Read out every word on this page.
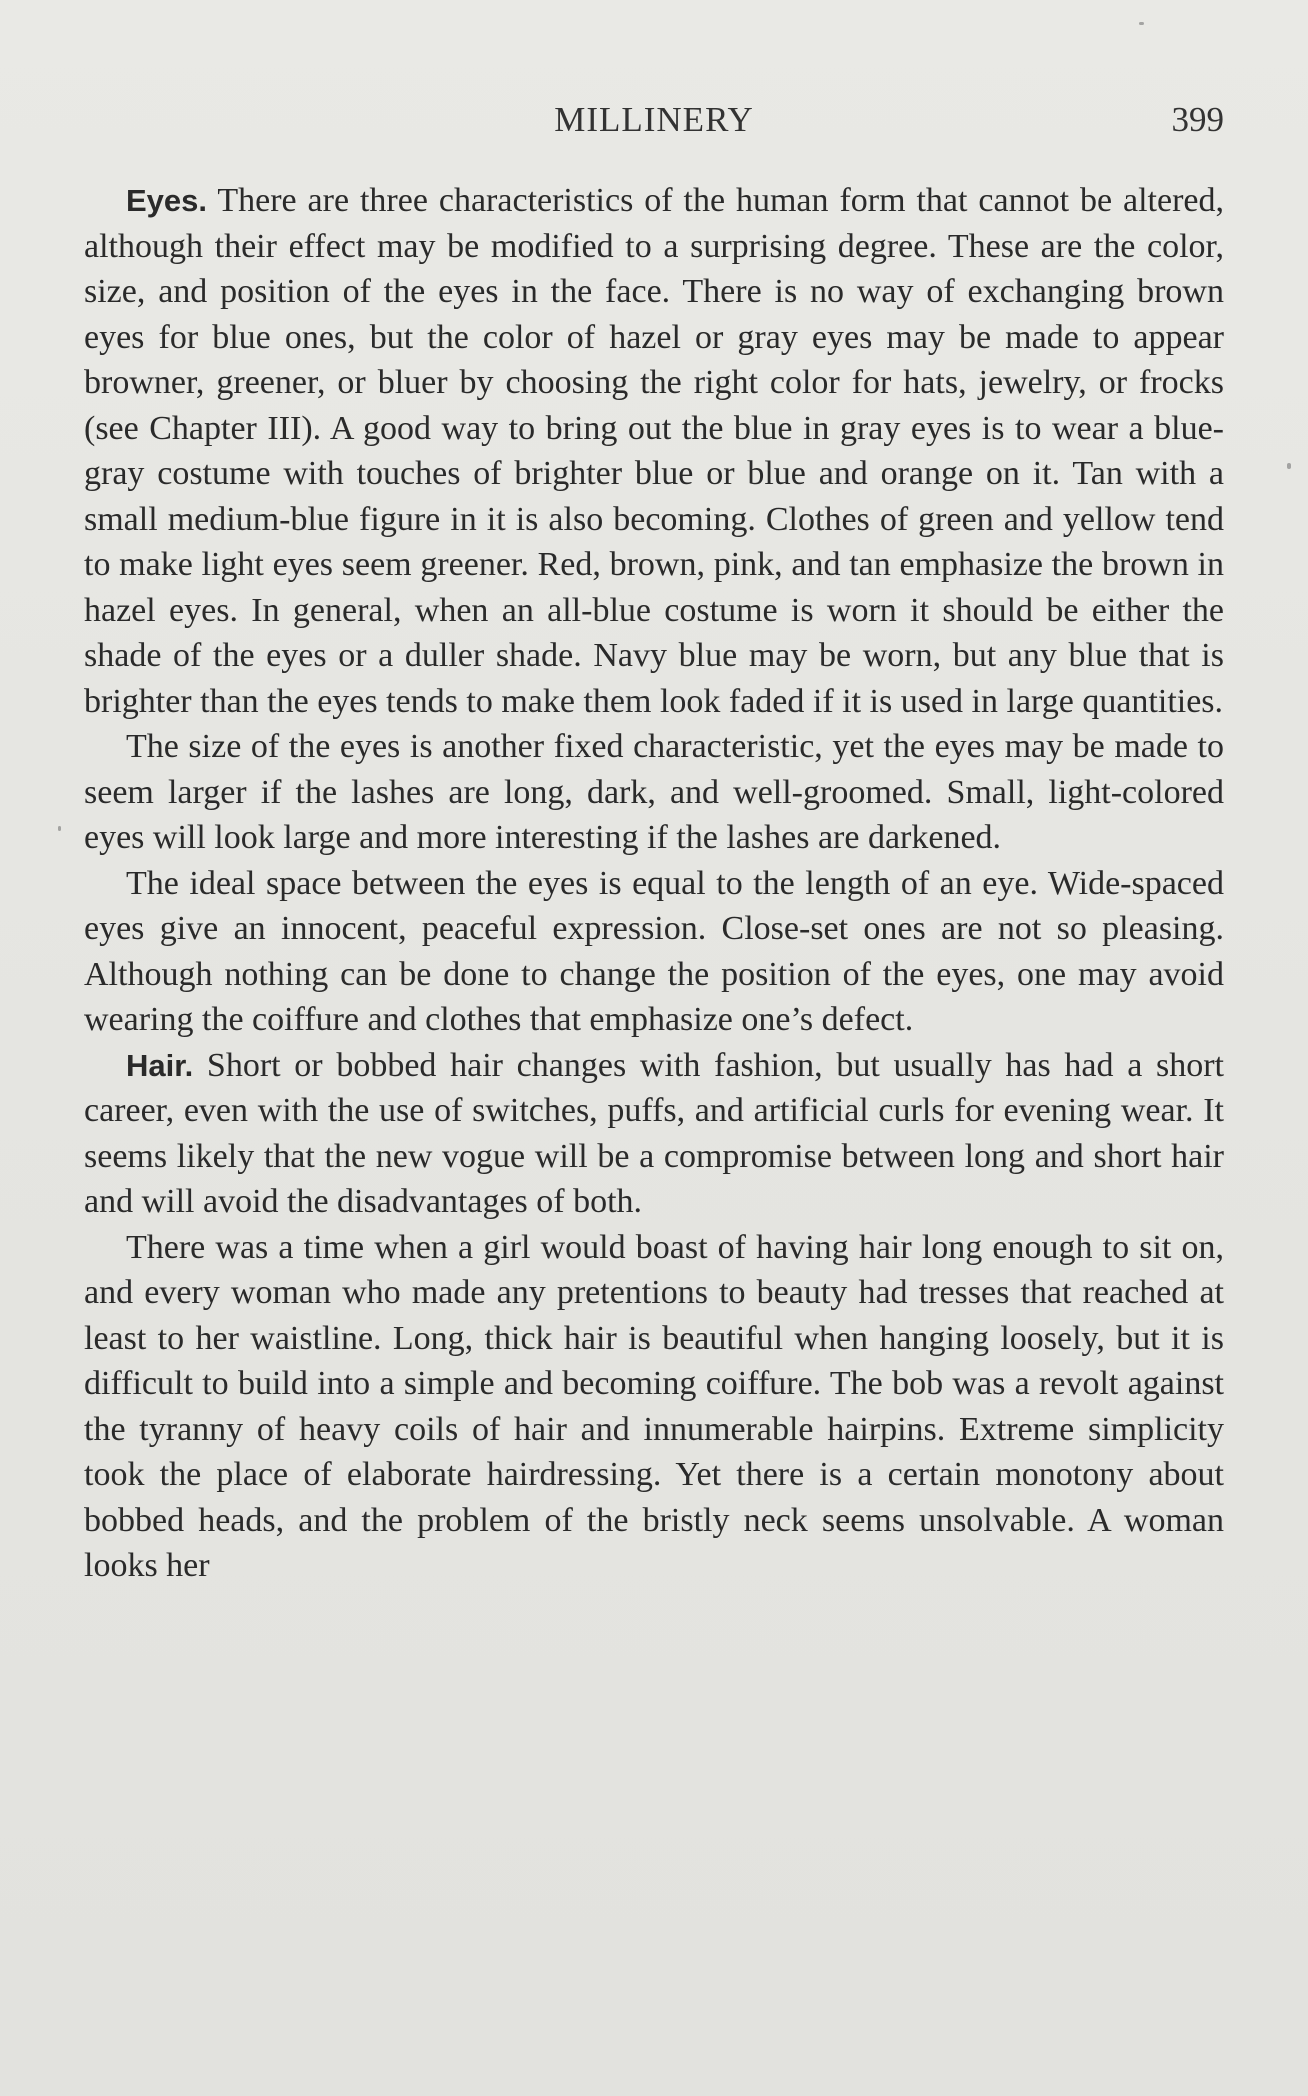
MILLINERY	399

Eyes. There are three characteristics of the human form that cannot be altered, although their effect may be modified to a surprising degree. These are the color, size, and position of the eyes in the face. There is no way of exchanging brown eyes for blue ones, but the color of hazel or gray eyes may be made to appear browner, greener, or bluer by choosing the right color for hats, jewelry, or frocks (see Chapter III). A good way to bring out the blue in gray eyes is to wear a blue-gray costume with touches of brighter blue or blue and orange on it. Tan with a small medium-blue figure in it is also becoming. Clothes of green and yellow tend to make light eyes seem greener. Red, brown, pink, and tan emphasize the brown in hazel eyes. In general, when an all-blue costume is worn it should be either the shade of the eyes or a duller shade. Navy blue may be worn, but any blue that is brighter than the eyes tends to make them look faded if it is used in large quantities.

The size of the eyes is another fixed characteristic, yet the eyes may be made to seem larger if the lashes are long, dark, and well-groomed. Small, light-colored eyes will look large and more interesting if the lashes are darkened.

The ideal space between the eyes is equal to the length of an eye. Wide-spaced eyes give an innocent, peaceful expression. Close-set ones are not so pleasing. Although nothing can be done to change the position of the eyes, one may avoid wearing the coiffure and clothes that emphasize one’s defect.

Hair. Short or bobbed hair changes with fashion, but usually has had a short career, even with the use of switches, puffs, and artificial curls for evening wear. It seems likely that the new vogue will be a compromise between long and short hair and will avoid the disadvantages of both.

There was a time when a girl would boast of having hair long enough to sit on, and every woman who made any pretentions to beauty had tresses that reached at least to her waistline. Long, thick hair is beautiful when hanging loosely, but it is difficult to build into a simple and becoming coiffure. The bob was a revolt against the tyranny of heavy coils of hair and innumerable hairpins. Extreme simplicity took the place of elaborate hairdressing. Yet there is a certain monotony about bobbed heads, and the problem of the bristly neck seems unsolvable. A woman looks her
